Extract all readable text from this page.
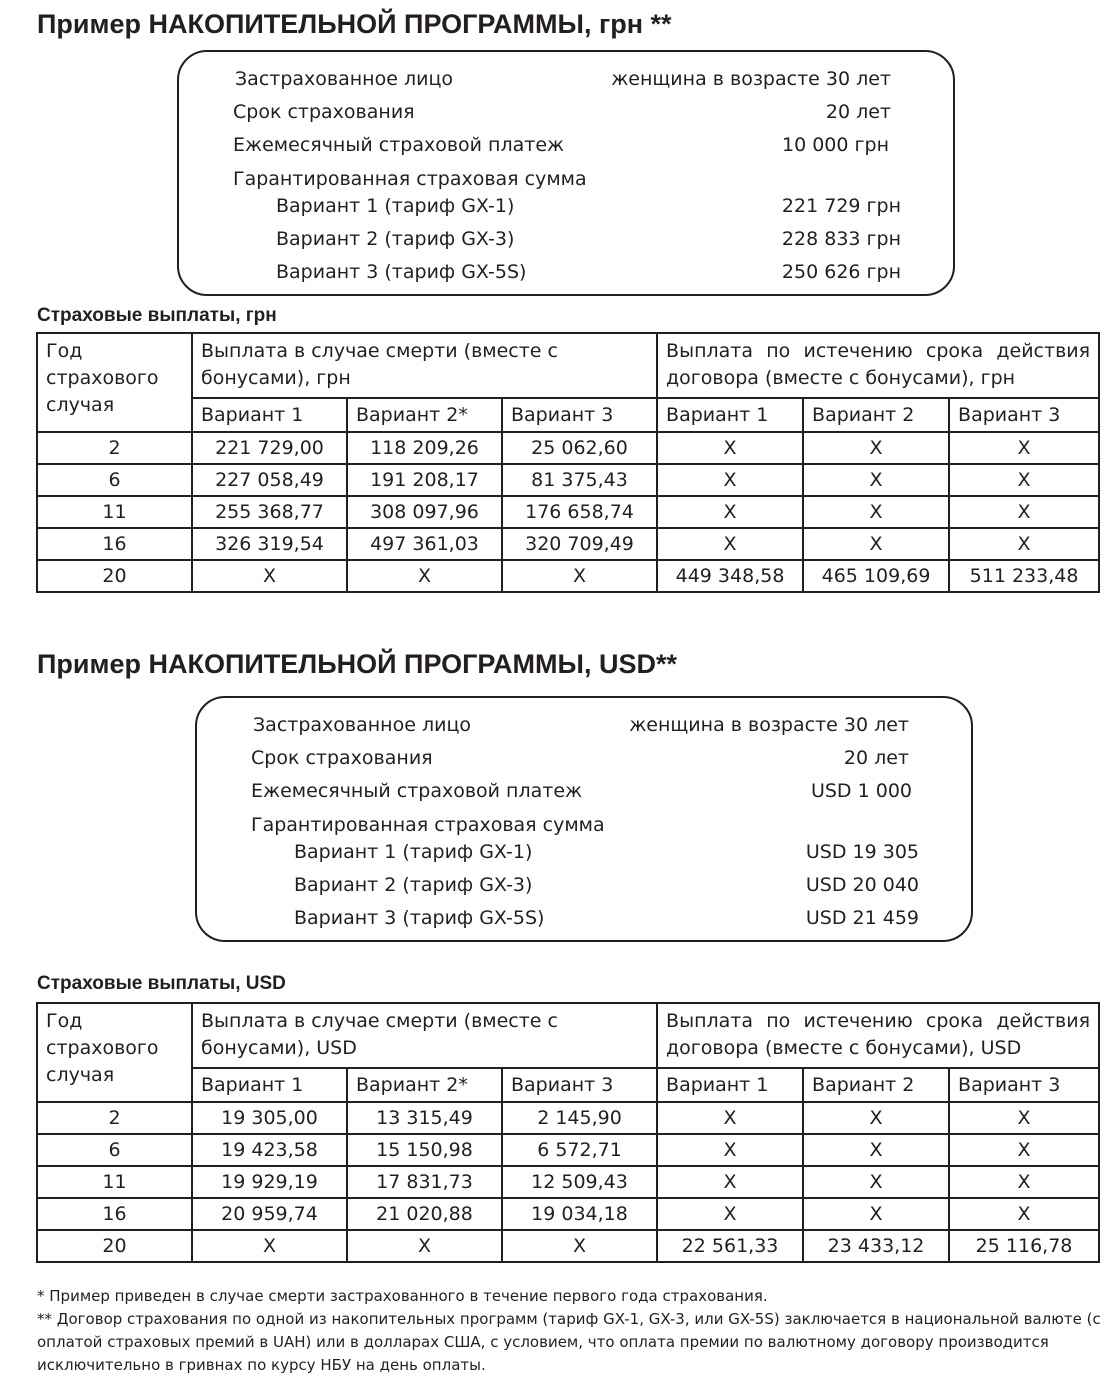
Пример НАКОПИТЕЛЬНОЙ ПРОГРАММЫ, грн **
Застрахованное лицо	женщина в возрасте 30 лет
Срок страхования	20 лет
Ежемесячный страховой платеж	10 000 грн
Гарантированная страховая сумма
Вариант 1 (тариф GX-1)	221 729 грн
Вариант 2 (тариф GX-3)	228 833 грн
Вариант 3 (тариф GX-5S)	250 626 грн
Страховые выплаты, грн
Год страхового случая	Выплата в случае смерти (вместе с бонусами), грн			Выплата по истечению срока действия договора (вместе с бонусами), грн		
	Вариант 1	Вариант 2*	Вариант 3	Вариант 1	Вариант 2	Вариант 3
2	221 729,00	118 209,26	25 062,60	X	X	X
6	227 058,49	191 208,17	81 375,43	X	X	X
11	255 368,77	308 097,96	176 658,74	X	X	X
16	326 319,54	497 361,03	320 709,49	X	X	X
20	X	X	X	449 348,58	465 109,69	511 233,48
Пример НАКОПИТЕЛЬНОЙ ПРОГРАММЫ, USD**
Застрахованное лицо	женщина в возрасте 30 лет
Срок страхования	20 лет
Ежемесячный страховой платеж	USD 1 000
Гарантированная страховая сумма
Вариант 1 (тариф GX-1)	USD 19 305
Вариант 2 (тариф GX-3)	USD 20 040
Вариант 3 (тариф GX-5S)	USD 21 459
Страховые выплаты, USD
Год страхового случая	Выплата в случае смерти (вместе с бонусами), USD			Выплата по истечению срока действия договора (вместе с бонусами), USD		
	Вариант 1	Вариант 2*	Вариант 3	Вариант 1	Вариант 2	Вариант 3
2	19 305,00	13 315,49	2 145,90	X	X	X
6	19 423,58	15 150,98	6 572,71	X	X	X
11	19 929,19	17 831,73	12 509,43	X	X	X
16	20 959,74	21 020,88	19 034,18	X	X	X
20	X	X	X	22 561,33	23 433,12	25 116,78

* Пример приведен в случае смерти застрахованного в течение первого года страхования.

** Договор страхования по одной из накопительных программ (тариф GX-1, GX-3, или GX-5S) заключается в национальной валюте (с оплатой страховых премий в UAH) или в долларах США, с условием, что оплата премии по валютному договору производится исключительно в гривнах по курсу НБУ на день оплаты.
